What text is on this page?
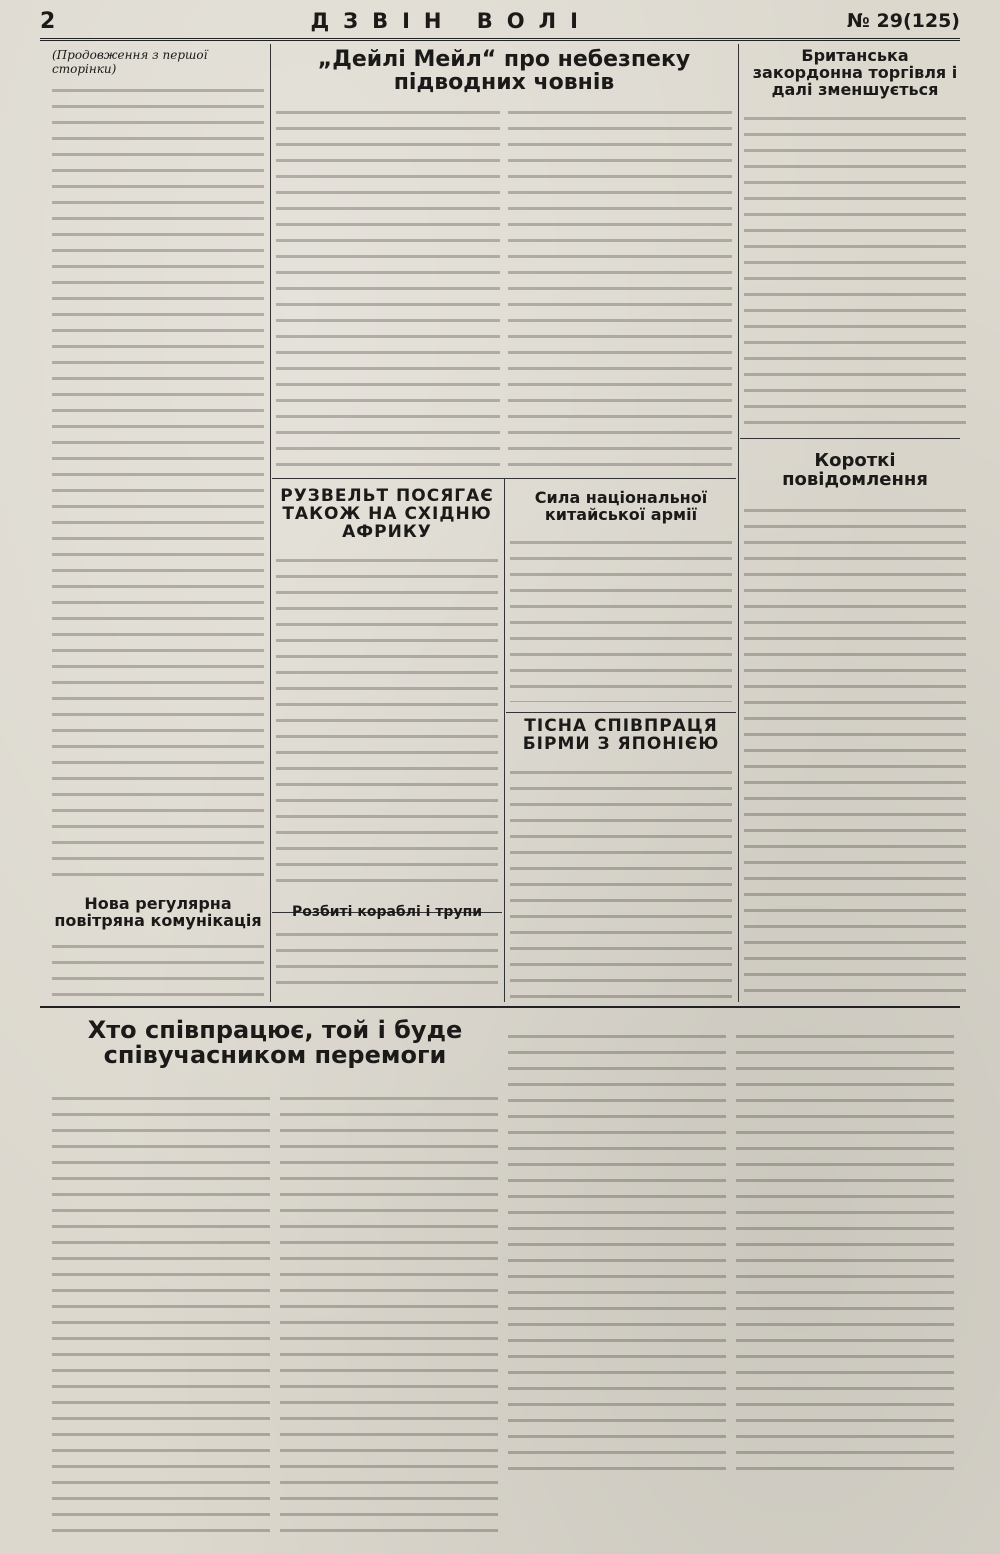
2	ДЗВІН ВОЛІ	№ 29(125)
(Продовження з першої сторінки)

Нова регулярна повітряна комунікація

„Дейлі Мейл“ про небезпеку підводних човнів

РУЗВЕЛЬТ ПОСЯГАЄ ТАКОЖ НА СХІДНЮ АФРИКУ

Розбиті кораблі і трупи

Сила національної китайської армії

ТІСНА СПІВПРАЦЯ БІРМИ З ЯПОНІЄЮ

Британська закордонна торгівля і далі зменшується

Короткі повідомлення

Хто співпрацює, той і буде співучасником перемоги
